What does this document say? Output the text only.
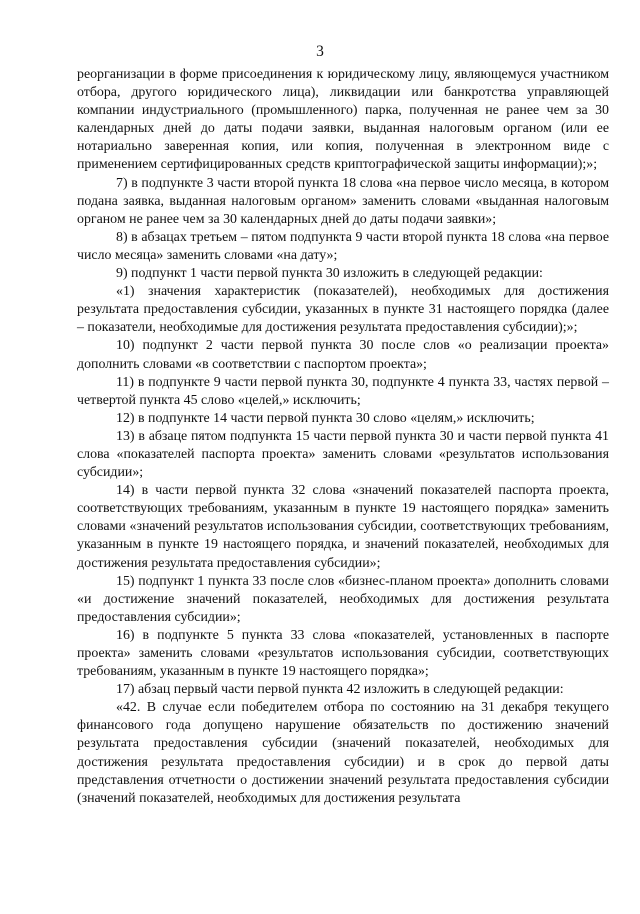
3

реорганизации в форме присоединения к юридическому лицу, являющемуся участником отбора, другого юридического лица), ликвидации или банкротства управляющей компании индустриального (промышленного) парка, полученная не ранее чем за 30 календарных дней до даты подачи заявки, выданная налоговым органом (или ее нотариально заверенная копия, или копия, полученная в электронном виде с применением сертифицированных средств криптографической защиты информации);»;

7) в подпункте 3 части второй пункта 18 слова «на первое число месяца, в котором подана заявка, выданная налоговым органом» заменить словами «выданная налоговым органом не ранее чем за 30 календарных дней до даты подачи заявки»;

8) в абзацах третьем – пятом подпункта 9 части второй пункта 18 слова «на первое число месяца» заменить словами «на дату»;

9) подпункт 1 части первой пункта 30 изложить в следующей редакции:

«1) значения характеристик (показателей), необходимых для достижения результата предоставления субсидии, указанных в пункте 31 настоящего порядка (далее – показатели, необходимые для достижения результата предоставления субсидии);»;

10) подпункт 2 части первой пункта 30 после слов «о реализации проекта» дополнить словами «в соответствии с паспортом проекта»;

11) в подпункте 9 части первой пункта 30, подпункте 4 пункта 33, частях первой – четвертой пункта 45 слово «целей,» исключить;

12) в подпункте 14 части первой пункта 30 слово «целям,» исключить;

13) в абзаце пятом подпункта 15 части первой пункта 30 и части первой пункта 41 слова «показателей паспорта проекта» заменить словами «результатов использования субсидии»;

14) в части первой пункта 32 слова «значений показателей паспорта проекта, соответствующих требованиям, указанным в пункте 19 настоящего порядка» заменить словами «значений результатов использования субсидии, соответствующих требованиям, указанным в пункте 19 настоящего порядка, и значений показателей, необходимых для достижения результата предоставления субсидии»;

15) подпункт 1 пункта 33 после слов «бизнес-планом проекта» дополнить словами «и достижение значений показателей, необходимых для достижения результата предоставления субсидии»;

16) в подпункте 5 пункта 33 слова «показателей, установленных в паспорте проекта» заменить словами «результатов использования субсидии, соответствующих требованиям, указанным в пункте 19 настоящего порядка»;

17) абзац первый части первой пункта 42 изложить в следующей редакции:

«42. В случае если победителем отбора по состоянию на 31 декабря текущего финансового года допущено нарушение обязательств по достижению значений результата предоставления субсидии (значений показателей, необходимых для достижения результата предоставления субсидии) и в срок до первой даты представления отчетности о достижении значений результата предоставления субсидии (значений показателей, необходимых для достижения результата
